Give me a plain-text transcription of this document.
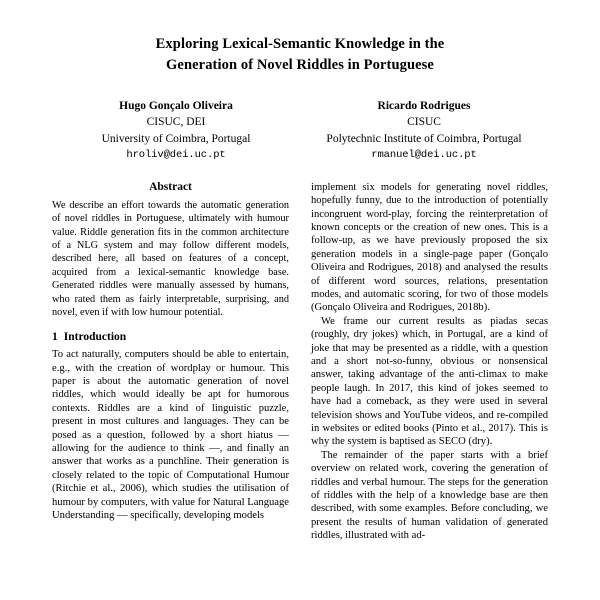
Exploring Lexical-Semantic Knowledge in the
Generation of Novel Riddles in Portuguese
Hugo Gonçalo Oliveira
CISUC, DEI
University of Coimbra, Portugal
hroliv@dei.uc.pt
Ricardo Rodrigues
CISUC
Polytechnic Institute of Coimbra, Portugal
rmanuel@dei.uc.pt
Abstract

We describe an effort towards the automatic generation of novel riddles in Portuguese, ultimately with humour value. Riddle generation fits in the common architecture of a NLG system and may follow different models, described here, all based on features of a concept, acquired from a lexical-semantic knowledge base. Generated riddles were manually assessed by humans, who rated them as fairly interpretable, surprising, and novel, even if with low humour potential.

1 Introduction

To act naturally, computers should be able to entertain, e.g., with the creation of wordplay or humour. This paper is about the automatic generation of novel riddles, which would ideally be apt for humorous contexts. Riddles are a kind of linguistic puzzle, present in most cultures and languages. They can be posed as a question, followed by a short hiatus — allowing for the audience to think —, and finally an answer that works as a punchline. Their generation is closely related to the topic of Computational Humour (Ritchie et al., 2006), which studies the utilisation of humour by computers, with value for Natural Language Understanding — specifically, developing models

implement six models for generating novel riddles, hopefully funny, due to the introduction of potentially incongruent word-play, forcing the reinterpretation of known concepts or the creation of new ones. This is a follow-up, as we have previously proposed the six generation models in a single-page paper (Gonçalo Oliveira and Rodrigues, 2018) and analysed the results of different word sources, relations, presentation modes, and automatic scoring, for two of those models (Gonçalo Oliveira and Rodrigues, 2018b).

We frame our current results as piadas secas (roughly, dry jokes) which, in Portugal, are a kind of joke that may be presented as a riddle, with a question and a short not-so-funny, obvious or nonsensical answer, taking advantage of the anti-climax to make people laugh. In 2017, this kind of jokes seemed to have had a comeback, as they were used in several television shows and YouTube videos, and re-compiled in websites or edited books (Pinto et al., 2017). This is why the system is baptised as SECO (dry).

The remainder of the paper starts with a brief overview on related work, covering the generation of riddles and verbal humour. The steps for the generation of riddles with the help of a knowledge base are then described, with some examples. Before concluding, we present the results of human validation of generated riddles, illustrated with ad-
